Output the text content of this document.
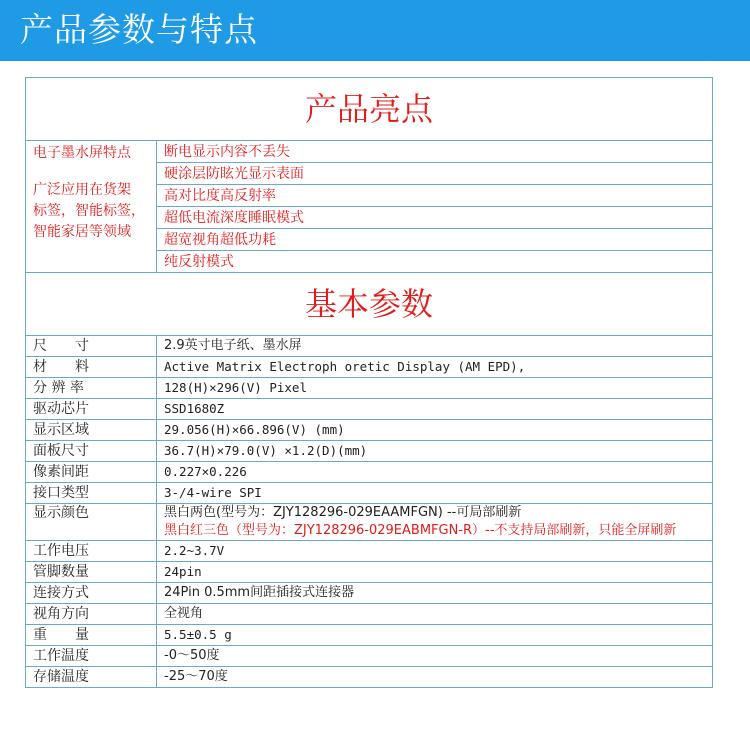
产品参数与特点
产品亮点	

电子墨水屏特点
广泛应用在货架
标签，智能标签，
智能家居等领域	断电显示内容不丢失
	硬涂层防眩光显示表面
	高对比度高反射率
	超低电流深度睡眠模式
	超宽视角超低功耗
	纯反射模式
基本参数	
尺　　寸	2.9英寸电子纸、墨水屏
材　　料	Active Matrix Electroph oretic Display (AM EPD),
分 辨 率	128(H)×296(V) Pixel
驱动芯片	SSD1680Z
显示区域	29.056(H)×66.896(V) (mm)
面板尺寸	36.7(H)×79.0(V) ×1.2(D)(mm)
像素间距	0.227×0.226
接口类型	3-/4-wire SPI
显示颜色	黑白两色(型号为：ZJY128296-029EAAMFGN) --可局部刷新
黑白红三色（型号为：ZJY128296-029EABMFGN-R）--不支持局部刷新，只能全屏刷新

工作电压	2.2~3.7V
管脚数量	24pin
连接方式	24Pin 0.5mm间距插接式连接器
视角方向	全视角
重　　量	5.5±0.5 g
工作温度	-0～50度
存储温度	-25～70度
